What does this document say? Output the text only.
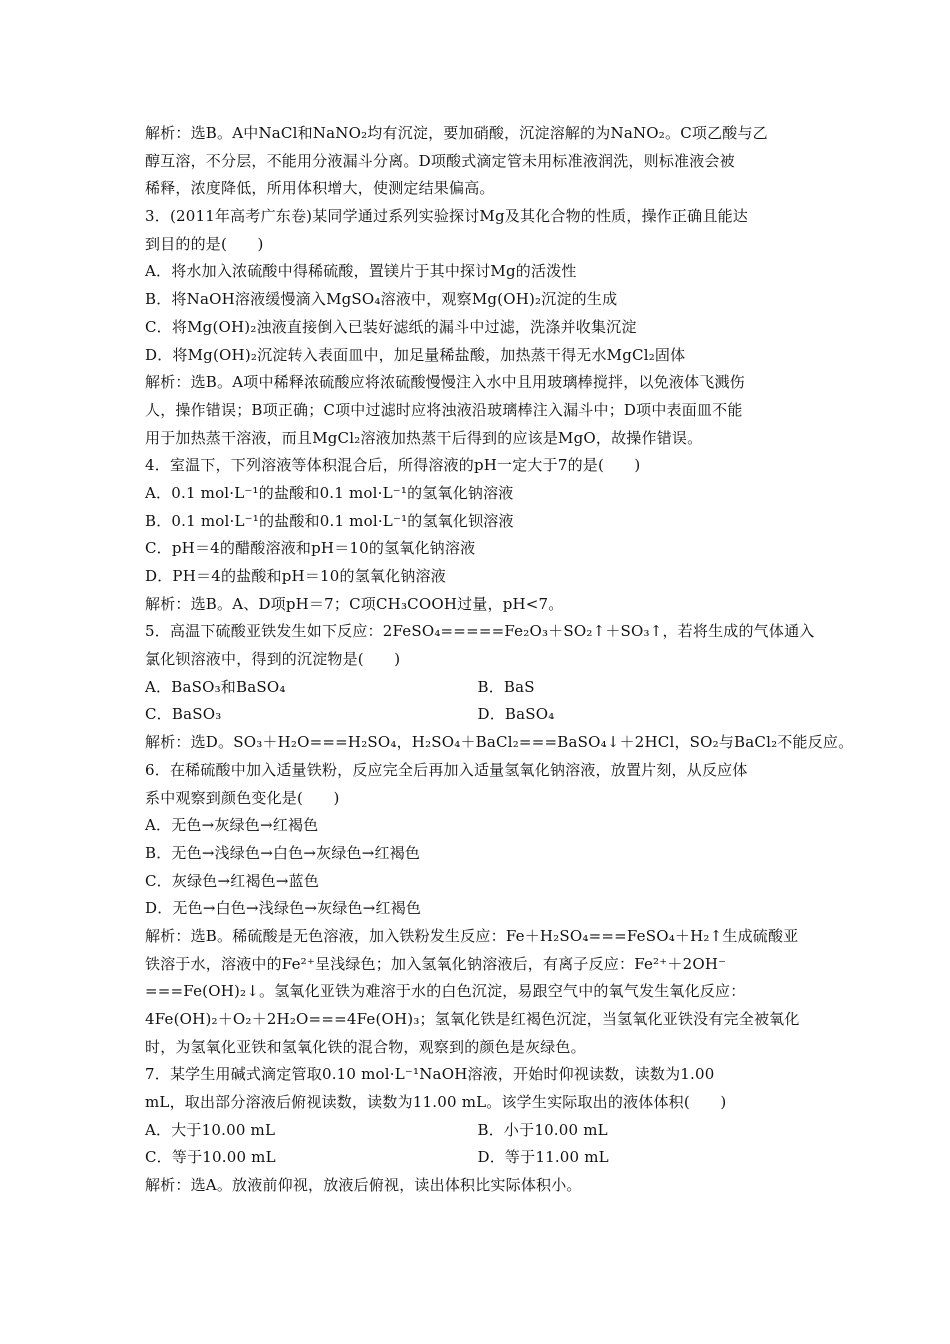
解析：选B。A中NaCl和NaNO₂均有沉淀，要加硝酸，沉淀溶解的为NaNO₂。C项乙酸与乙
醇互溶，不分层，不能用分液漏斗分离。D项酸式滴定管未用标准液润洗，则标准液会被
稀释，浓度降低，所用体积增大，使测定结果偏高。
3．(2011年高考广东卷)某同学通过系列实验探讨Mg及其化合物的性质，操作正确且能达
到目的的是(　　)
A．将水加入浓硫酸中得稀硫酸，置镁片于其中探讨Mg的活泼性
B．将NaOH溶液缓慢滴入MgSO₄溶液中，观察Mg(OH)₂沉淀的生成
C．将Mg(OH)₂浊液直接倒入已装好滤纸的漏斗中过滤，洗涤并收集沉淀
D．将Mg(OH)₂沉淀转入表面皿中，加足量稀盐酸，加热蒸干得无水MgCl₂固体
解析：选B。A项中稀释浓硫酸应将浓硫酸慢慢注入水中且用玻璃棒搅拌，以免液体飞溅伤
人，操作错误；B项正确；C项中过滤时应将浊液沿玻璃棒注入漏斗中；D项中表面皿不能
用于加热蒸干溶液，而且MgCl₂溶液加热蒸干后得到的应该是MgO，故操作错误。
4．室温下，下列溶液等体积混合后，所得溶液的pH一定大于7的是(　　)
A．0.1 mol·L⁻¹的盐酸和0.1 mol·L⁻¹的氢氧化钠溶液
B．0.1 mol·L⁻¹的盐酸和0.1 mol·L⁻¹的氢氧化钡溶液
C．pH＝4的醋酸溶液和pH＝10的氢氧化钠溶液
D．PH＝4的盐酸和pH＝10的氢氧化钠溶液
解析：选B。A、D项pH＝7；C项CH₃COOH过量，pH<7。
5．高温下硫酸亚铁发生如下反应：2FeSO₄=====Fe₂O₃＋SO₂↑＋SO₃↑，若将生成的气体通入
氯化钡溶液中，得到的沉淀物是(　　)
A．BaSO₃和BaSO₄	B．BaS
C．BaSO₃	D．BaSO₄
解析：选D。SO₃＋H₂O===H₂SO₄，H₂SO₄＋BaCl₂===BaSO₄↓＋2HCl，SO₂与BaCl₂不能反应。
6．在稀硫酸中加入适量铁粉，反应完全后再加入适量氢氧化钠溶液，放置片刻，从反应体
系中观察到颜色变化是(　　)
A．无色→灰绿色→红褐色
B．无色→浅绿色→白色→灰绿色→红褐色
C．灰绿色→红褐色→蓝色
D．无色→白色→浅绿色→灰绿色→红褐色
解析：选B。稀硫酸是无色溶液，加入铁粉发生反应：Fe＋H₂SO₄===FeSO₄＋H₂↑生成硫酸亚
铁溶于水，溶液中的Fe²⁺呈浅绿色；加入氢氧化钠溶液后，有离子反应：Fe²⁺＋2OH⁻
===Fe(OH)₂↓。氢氧化亚铁为难溶于水的白色沉淀，易跟空气中的氧气发生氧化反应：
4Fe(OH)₂＋O₂＋2H₂O===4Fe(OH)₃；氢氧化铁是红褐色沉淀，当氢氧化亚铁没有完全被氧化
时，为氢氧化亚铁和氢氧化铁的混合物，观察到的颜色是灰绿色。
7．某学生用碱式滴定管取0.10 mol·L⁻¹NaOH溶液，开始时仰视读数，读数为1.00
mL，取出部分溶液后俯视读数，读数为11.00 mL。该学生实际取出的液体体积(　　)
A．大于10.00 mL	B．小于10.00 mL
C．等于10.00 mL	D．等于11.00 mL
解析：选A。放液前仰视，放液后俯视，读出体积比实际体积小。
